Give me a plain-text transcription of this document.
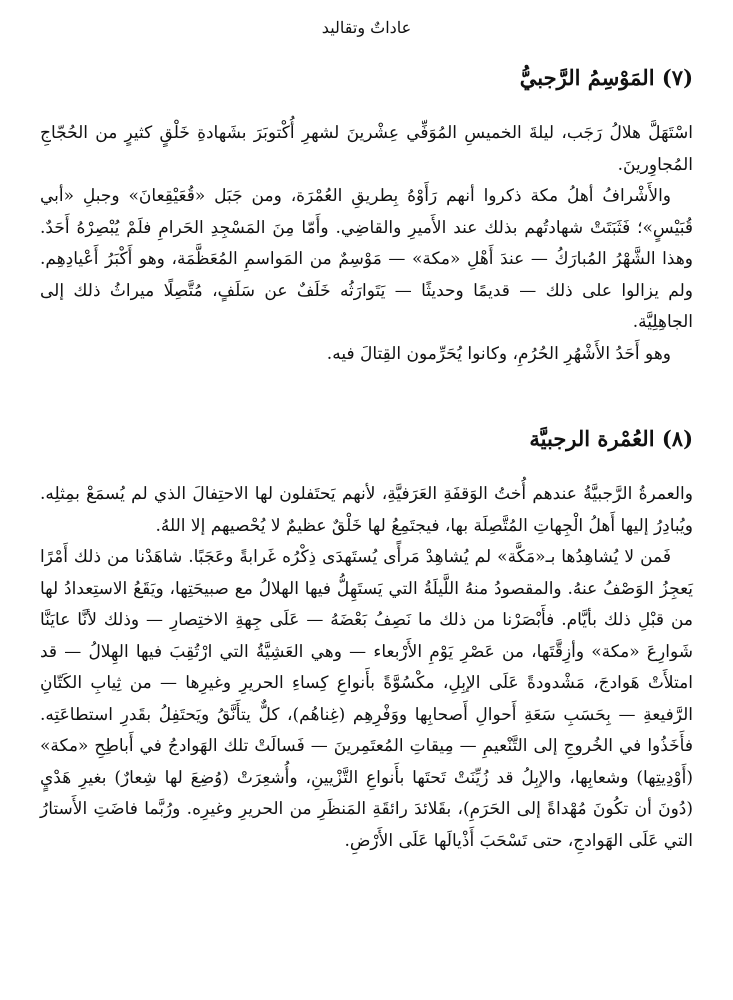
عاداتٌ وتقاليد
(٧) المَوْسِمُ الرَّجبيُّ

اسْتَهَلَّ هلالُ رَجَب، ليلةَ الخميسِ المُوَفِّي عِشْرينَ لشهرِ أُكْتوبَرَ بشَهادةِ خَلْقٍ كثيرٍ من الحُجّاجِ المُجاوِرينَ.

والأَشْرافُ أهلُ مكة ذكروا أنهم رَأَوْهُ بِطريقِ العُمْرَة، ومن جَبَل «قُعَيْقِعانَ» وجبلِ «أبي قُبَيْسٍ»؛ فَثَبَتَتْ شهادتُهم بذلك عند الأَميرِ والقاضِي. وأَمّا مِنَ المَسْجِدِ الحَرامِ فلَمْ يُبْصِرْهُ أَحَدٌ. وهذا الشَّهْرُ المُبارَكُ — عندَ أَهْلِ «مكة» — مَوْسِمٌ من المَواسمِ المُعَظَّمَة، وهو أَكْبَرُ أَعْيادِهِم. ولم يزالوا على ذلك — قديمًا وحديثًا — يَتَوارَثُه خَلَفٌ عن سَلَفٍ، مُتَّصِلًا ميراثُ ذلك إلى الجاهِلِيَّة.

وهو أَحَدُ الأَشْهُرِ الحُرُمِ، وكانوا يُحَرِّمون القِتالَ فيه.

(٨) العُمْرة الرجبيَّة

والعمرةُ الرَّجبيَّةُ عندهم أُختُ الوَقفَةِ العَرَفيَّةِ، لأنهم يَحتَفلون لها الاحتِفالَ الذي لم يُسمَعْ بمِثلِه. ويُبادِرُ إليها أَهلُ الْجِهاتِ المُتَّصِلَة بها، فيجتَمِعُ لها خَلْقٌ عظيمٌ لا يُحْصيهم إلا اللهُ.

فَمن لا يُشاهِدُها بـ«مَكَّة» لم يُشاهِدْ مَرأًى يُستَهدَى ذِكْرُه غَرابةً وعَجَبًا. شاهَدْنا من ذلك أَمْرًا يَعجِزُ الوَصْفُ عنهُ. والمقصودُ منهُ اللَّيلَةُ التي يَستَهِلُّ فيها الهلالُ مع صبيحَتِها، ويَقَعُ الاستِعدادُ لها من قبْلِ ذلك بأيَّام. فأَبْصَرْنا من ذلك ما نَصِفُ بَعْضَهُ — عَلَى جِهةِ الاختِصارِ — وذلك لأنَّا عايَنَّا شَوارِعَ «مكة» وأزِقَّتَها، من عَصْرِ يَوْمِ الأَرْبعاء — وهي العَشِيَّةُ التي ارْتُقِبَ فيها الهِلالُ — قد امتلأَتْ هَوادجَ، مَشْدودةً عَلَى الإبِلِ، مكْسُوَّةً بأَنواعِ كِساءِ الحريرِ وغيرِها — من ثِيابِ الكَتّانِ الرَّفيعةِ — بِحَسَبِ سَعَةِ أَحوالِ أَصحابِها ووَفْرِهِم (غِناهُم)، كلٌّ يتأَنَّقُ ويَحتَفِلُ بقَدرِ استطاعَتِه. فأَخَذُوا في الخُروجِ إلى التَّنْعيمِ — مِيقاتِ المُعتَمِرينَ — فَسالَتْ تلك الهَوادجُ في أَباطِحِ «مكة» (أَوْدِيتِها) وشعابِها، والإبِلُ قد زُيِّنَتْ تَحتَها بأَنواعِ التَّزْيينِ، وأُشعِرَتْ (وُضِعَ لها شِعارٌ) بغيرِ هَدْيٍ (دُونَ أن تكُونَ مُهْداةً إلى الحَرَمِ)، بقَلائدَ رائقَةِ المَنظَرِ من الحريرِ وغيرِه. ورُبَّما فاضَتِ الأَستارُ التي عَلَى الهَوادجِ، حتى تَسْحَبَ أَذْيالَها عَلَى الأَرْضِ.
